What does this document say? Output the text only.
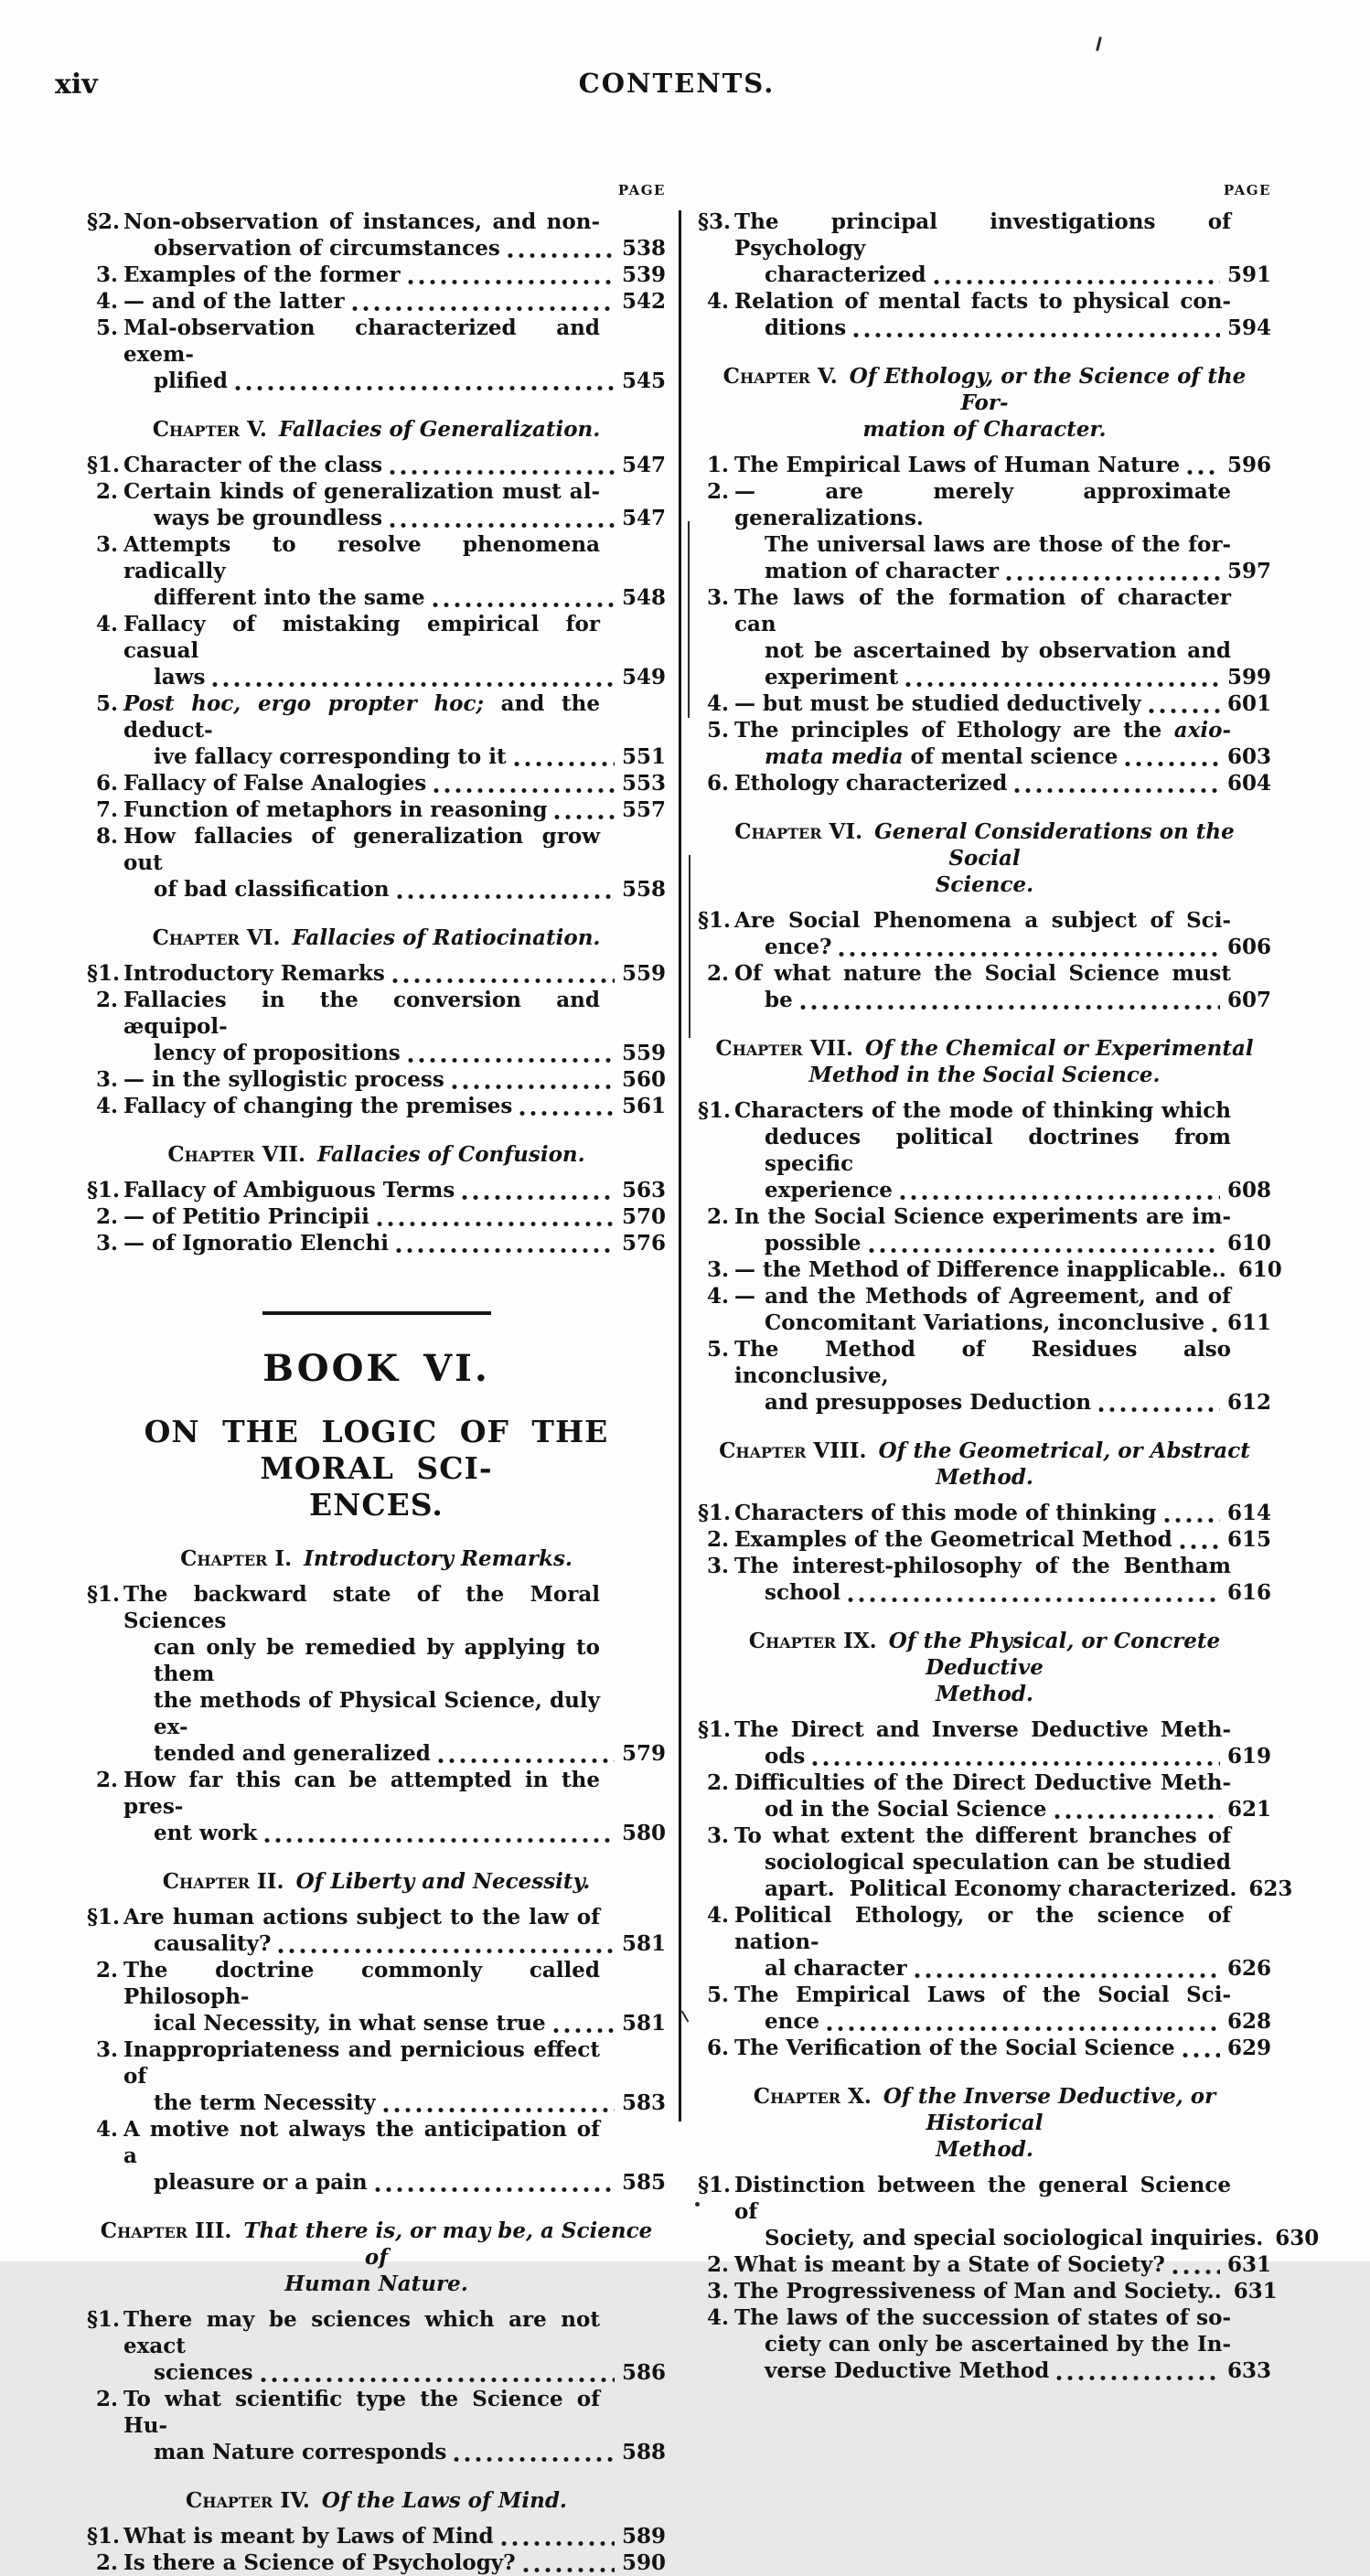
xiv	CONTENTS.
PAGE
§2. Non-observation of instances, and non-
observation of circumstances	538
3. Examples of the former	539
4. — and of the latter	542
5. Mal-observation characterized and exem-
plified	545
Chapter V. Fallacies of Generalization.
§1. Character of the class	547
2. Certain kinds of generalization must al-
ways be groundless	547
3. Attempts to resolve phenomena radically
different into the same	548
4. Fallacy of mistaking empirical for casual
laws	549
5. Post hoc, ergo propter hoc; and the deduct-
ive fallacy corresponding to it	551
6. Fallacy of False Analogies	553
7. Function of metaphors in reasoning	557
8. How fallacies of generalization grow out
of bad classification	558
Chapter VI. Fallacies of Ratiocination.
§1. Introductory Remarks	559
2. Fallacies in the conversion and æquipol-
lency of propositions	559
3. — in the syllogistic process	560
4. Fallacy of changing the premises	561
Chapter VII. Fallacies of Confusion.
§1. Fallacy of Ambiguous Terms	563
2. — of Petitio Principii	570
3. — of Ignoratio Elenchi	576
BOOK VI.
ON THE LOGIC OF THE MORAL SCI-
ENCES.
Chapter I. Introductory Remarks.
§1. The backward state of the Moral Sciences
can only be remedied by applying to them
the methods of Physical Science, duly ex-
tended and generalized	579
2. How far this can be attempted in the pres-
ent work	580
Chapter II. Of Liberty and Necessity.
§1. Are human actions subject to the law of
causality?	581
2. The doctrine commonly called Philosoph-
ical Necessity, in what sense true	581
3. Inappropriateness and pernicious effect of
the term Necessity	583
4. A motive not always the anticipation of a
pleasure or a pain	585
Chapter III. That there is, or may be, a Science of
Human Nature.
§1. There may be sciences which are not exact
sciences	586
2. To what scientific type the Science of Hu-
man Nature corresponds	588
Chapter IV. Of the Laws of Mind.
§1. What is meant by Laws of Mind	589
2. Is there a Science of Psychology?	590
PAGE
§3. The principal investigations of Psychology
characterized	591
4. Relation of mental facts to physical con-
ditions	594
Chapter V. Of Ethology, or the Science of the For-
mation of Character.
1. The Empirical Laws of Human Nature 596
2. — are merely approximate generalizations.
The universal laws are those of the for-
mation of character	597
3. The laws of the formation of character can
not be ascertained by observation and
experiment	599
4. — but must be studied deductively	601
5. The principles of Ethology are the axio-
mata media of mental science	603
6. Ethology characterized	604
Chapter VI. General Considerations on the Social
Science.
§1. Are Social Phenomena a subject of Sci-
ence?	606
2. Of what nature the Social Science must
be	607
Chapter VII. Of the Chemical or Experimental
Method in the Social Science.
§1. Characters of the mode of thinking which
deduces political doctrines from specific
experience	608
2. In the Social Science experiments are im-
possible	610
3. — the Method of Difference inapplicable.. 610
4. — and the Methods of Agreement, and of
Concomitant Variations, inconclusive 611
5. The Method of Residues also inconclusive,
and presupposes Deduction	612
Chapter VIII. Of the Geometrical, or Abstract
Method.
§1. Characters of this mode of thinking	614
2. Examples of the Geometrical Method	615
3. The interest-philosophy of the Bentham
school	616
Chapter IX. Of the Physical, or Concrete Deductive
Method.
§1. The Direct and Inverse Deductive Meth-
ods	619
2. Difficulties of the Direct Deductive Meth-
od in the Social Science	621
3. To what extent the different branches of
sociological speculation can be studied
apart.  Political Economy characterized. 623
4. Political Ethology, or the science of nation-
al character	626
5. The Empirical Laws of the Social Sci-
ence	628
6. The Verification of the Social Science 629
Chapter X. Of the Inverse Deductive, or Historical
Method.
§1. Distinction between the general Science of
Society, and special sociological inquiries. 630
2. What is meant by a State of Society?	631
3. The Progressiveness of Man and Society.. 631
4. The laws of the succession of states of so-
ciety can only be ascertained by the In-
verse Deductive Method	633
